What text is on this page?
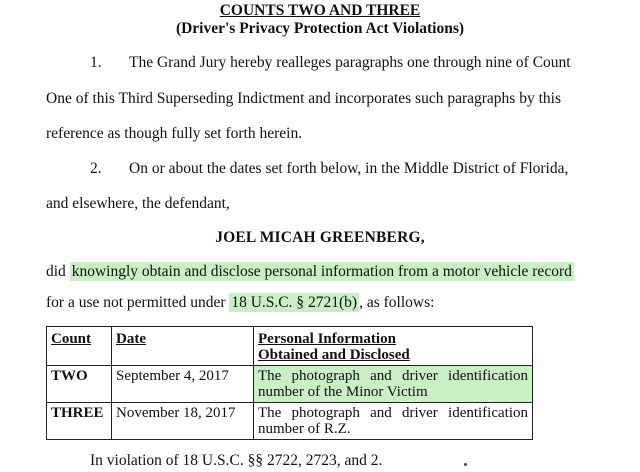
COUNTS TWO AND THREE
(Driver's Privacy Protection Act Violations)
1. The Grand Jury hereby realleges paragraphs one through nine of Count
One of this Third Superseding Indictment and incorporates such paragraphs by this
reference as though fully set forth herein.
2. On or about the dates set forth below, in the Middle District of Florida,
and elsewhere, the defendant,
JOEL MICAH GREENBERG,
did knowingly obtain and disclose personal information from a motor vehicle record
for a use not permitted under 18 U.S.C. § 2721(b) , as follows:
Count	Date	Personal Information
Obtained and Disclosed

TWO	September 4, 2017	The photograph and driver identification number of the Minor Victim
THREE	November 18, 2017	The photograph and driver identification number of R.Z.
In violation of 18 U.S.C. §§ 2722, 2723, and 2.
